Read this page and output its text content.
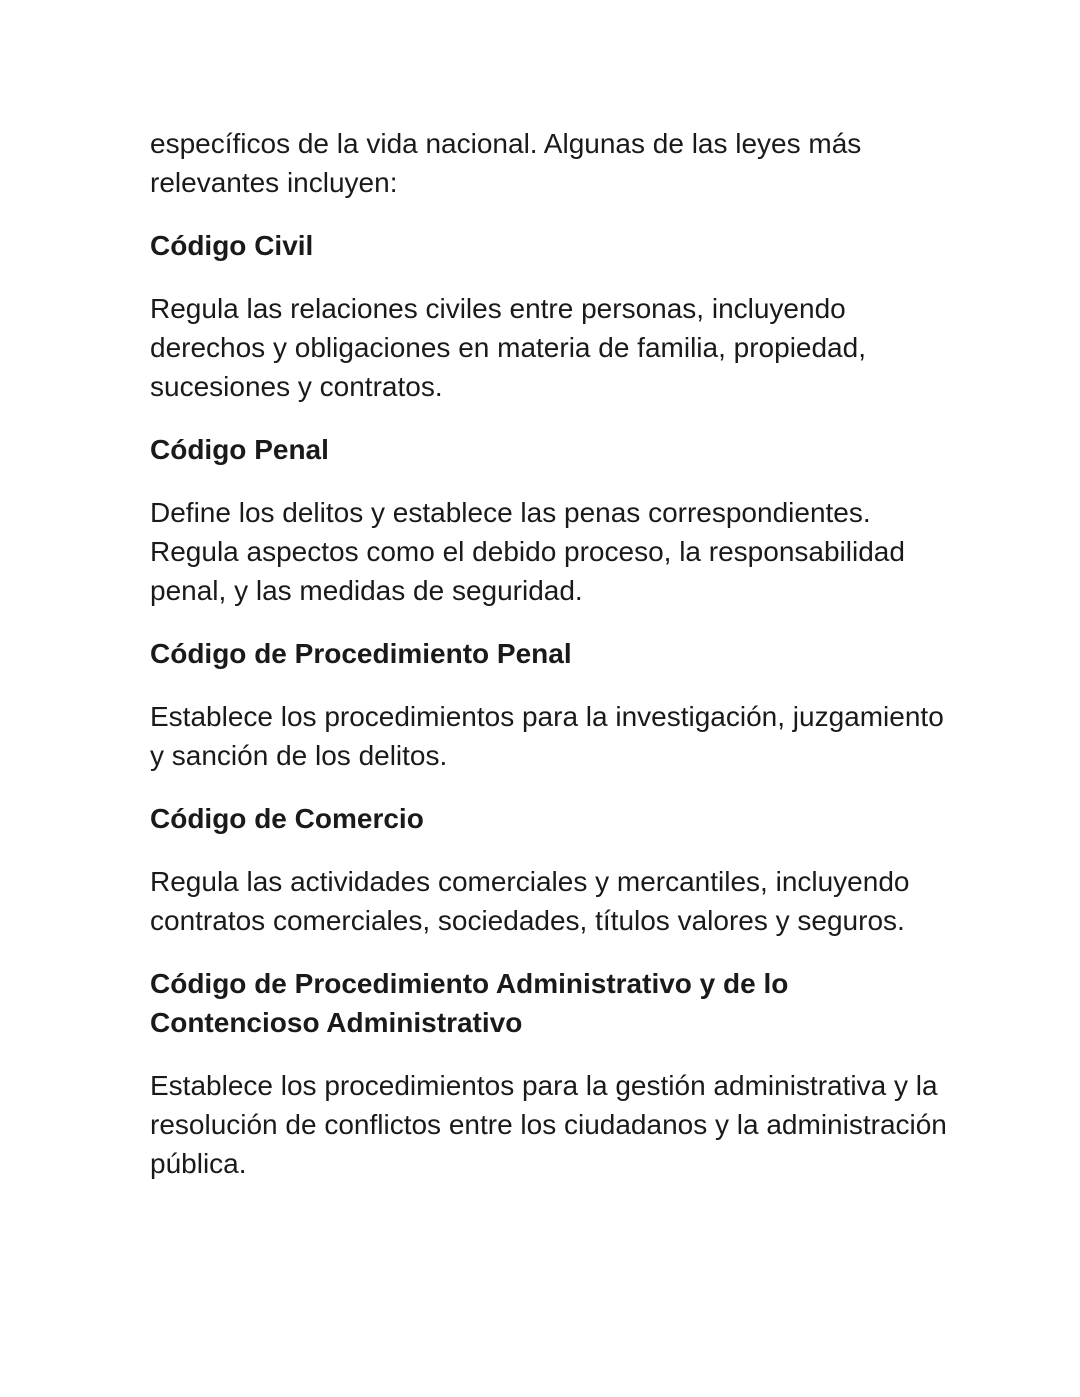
específicos de la vida nacional. Algunas de las leyes más relevantes incluyen:

Código Civil

Regula las relaciones civiles entre personas, incluyendo derechos y obligaciones en materia de familia, propiedad, sucesiones y contratos.

Código Penal

Define los delitos y establece las penas correspondientes. Regula aspectos como el debido proceso, la responsabilidad penal, y las medidas de seguridad.

Código de Procedimiento Penal

Establece los procedimientos para la investigación, juzgamiento y sanción de los delitos.

Código de Comercio

Regula las actividades comerciales y mercantiles, incluyendo contratos comerciales, sociedades, títulos valores y seguros.

Código de Procedimiento Administrativo y de lo Contencioso Administrativo

Establece los procedimientos para la gestión administrativa y la resolución de conflictos entre los ciudadanos y la administración pública.
